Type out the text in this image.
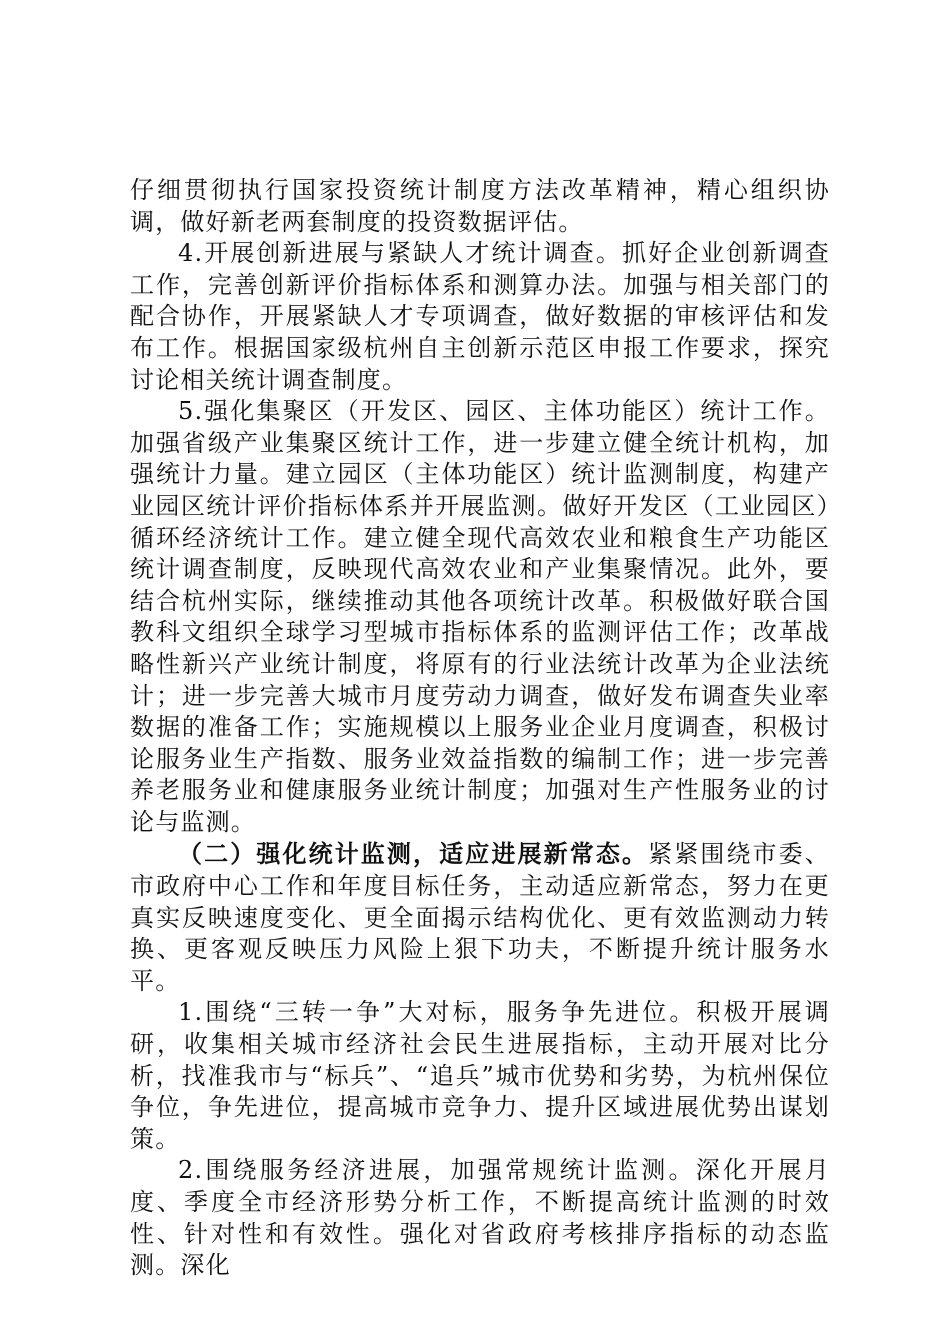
仔细贯彻执行国家投资统计制度方法改革精神，精心组织协调，做好新老两套制度的投资数据评估。

4.开展创新进展与紧缺人才统计调查。抓好企业创新调查工作，完善创新评价指标体系和测算办法。加强与相关部门的配合协作，开展紧缺人才专项调查，做好数据的审核评估和发布工作。根据国家级杭州自主创新示范区申报工作要求，探究讨论相关统计调查制度。

5.强化集聚区（开发区、园区、主体功能区）统计工作。加强省级产业集聚区统计工作，进一步建立健全统计机构，加强统计力量。建立园区（主体功能区）统计监测制度，构建产业园区统计评价指标体系并开展监测。做好开发区（工业园区）循环经济统计工作。建立健全现代高效农业和粮食生产功能区统计调查制度，反映现代高效农业和产业集聚情况。此外，要结合杭州实际，继续推动其他各项统计改革。积极做好联合国教科文组织全球学习型城市指标体系的监测评估工作；改革战略性新兴产业统计制度，将原有的行业法统计改革为企业法统计；进一步完善大城市月度劳动力调查，做好发布调查失业率数据的准备工作；实施规模以上服务业企业月度调查，积极讨论服务业生产指数、服务业效益指数的编制工作；进一步完善养老服务业和健康服务业统计制度；加强对生产性服务业的讨论与监测。

（二）强化统计监测，适应进展新常态。紧紧围绕市委、市政府中心工作和年度目标任务，主动适应新常态，努力在更真实反映速度变化、更全面揭示结构优化、更有效监测动力转换、更客观反映压力风险上狠下功夫，不断提升统计服务水平。

1.围绕“三转一争”大对标，服务争先进位。积极开展调研，收集相关城市经济社会民生进展指标，主动开展对比分析，找准我市与“标兵”、“追兵”城市优势和劣势，为杭州保位争位，争先进位，提高城市竞争力、提升区域进展优势出谋划策。

2.围绕服务经济进展，加强常规统计监测。深化开展月度、季度全市经济形势分析工作，不断提高统计监测的时效性、针对性和有效性。强化对省政府考核排序指标的动态监测。深化
